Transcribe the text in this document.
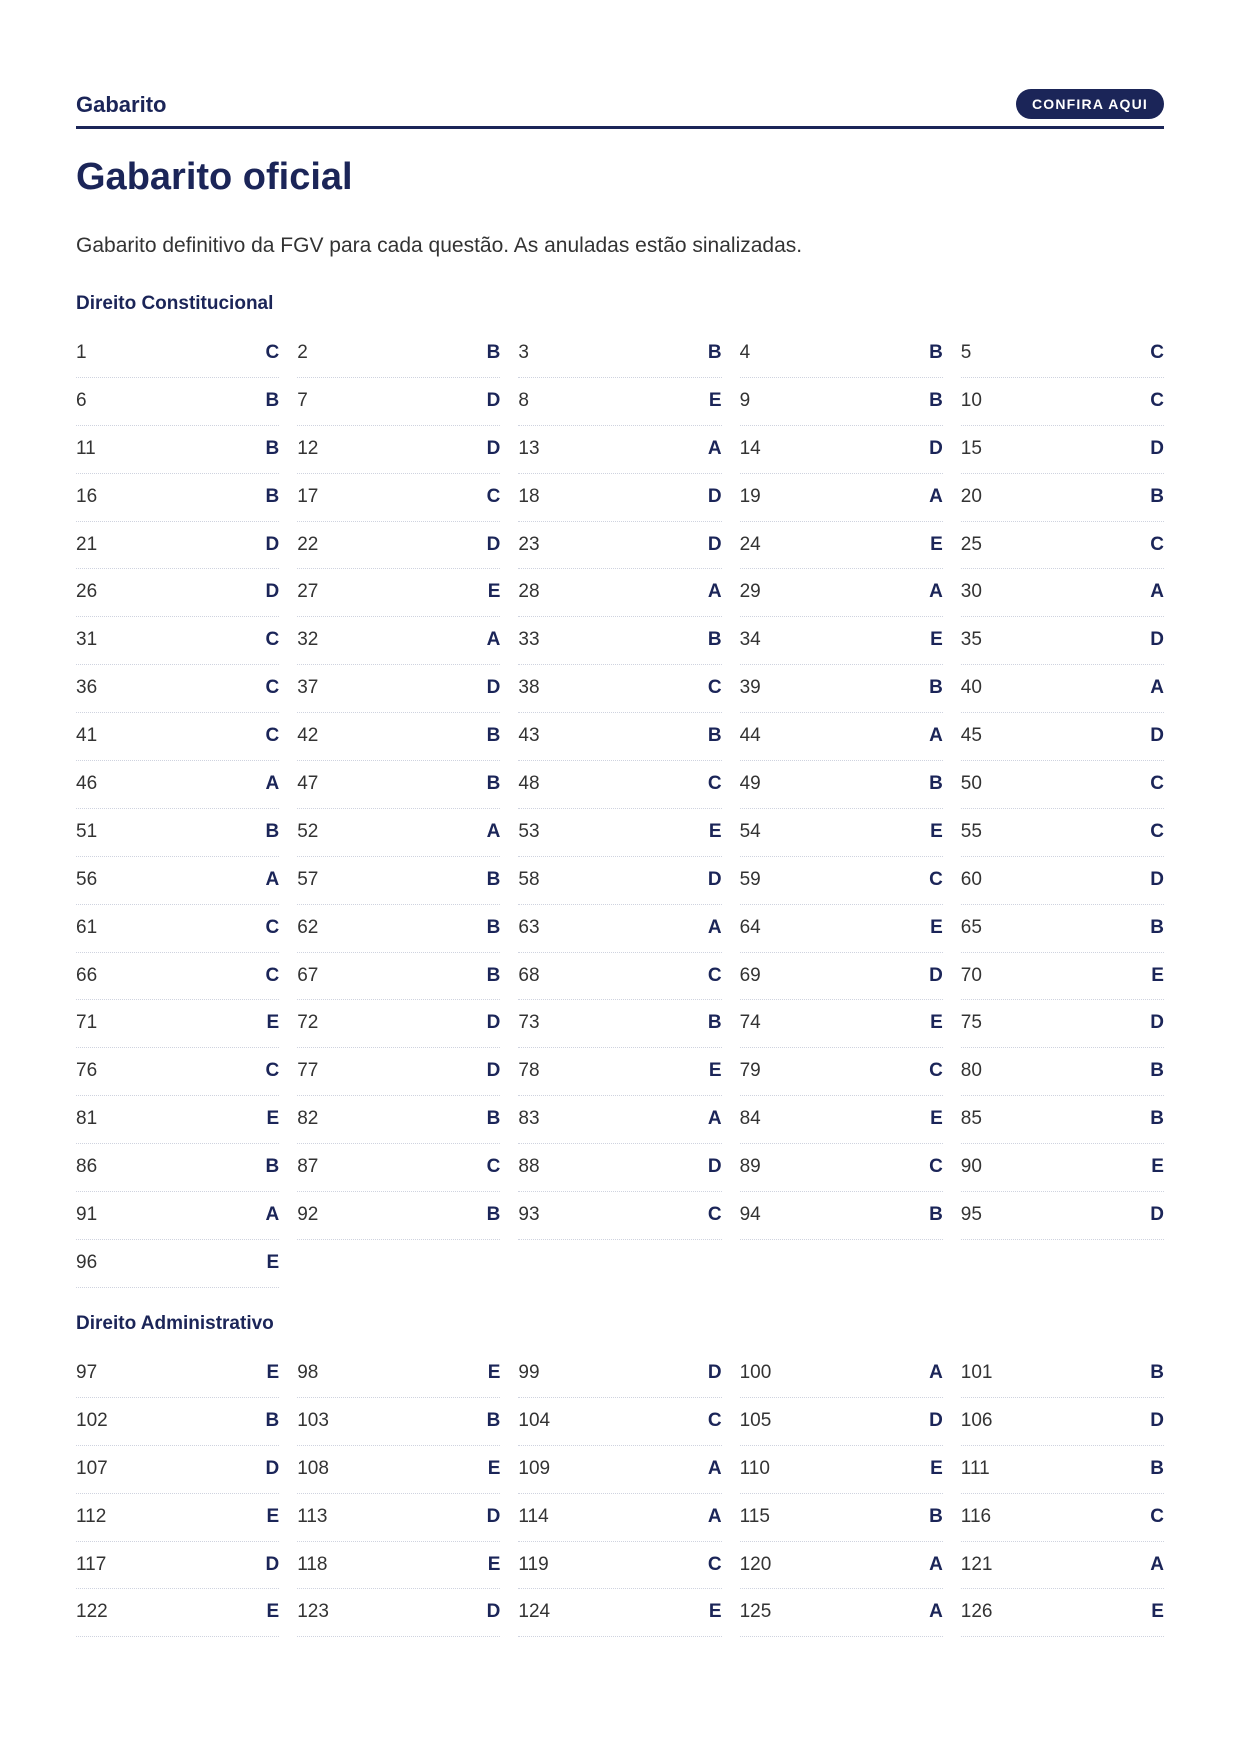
Gabarito	CONFIRA AQUI
Gabarito oficial

Gabarito definitivo da FGV para cada questão. As anuladas estão sinalizadas.

Direito Constitucional
1	C 2	B 3	B 4	B 5	C
6	B 7	D 8	E 9	B 10	C
11	B 12	D 13	A 14	D 15	D
16	B 17	C 18	D 19	A 20	B
21	D 22	D 23	D 24	E 25	C
26	D 27	E 28	A 29	A 30	A
31	C 32	A 33	B 34	E 35	D
36	C 37	D 38	C 39	B 40	A
41	C 42	B 43	B 44	A 45	D
46	A 47	B 48	C 49	B 50	C
51	B 52	A 53	E 54	E 55	C
56	A 57	B 58	D 59	C 60	D
61	C 62	B 63	A 64	E 65	B
66	C 67	B 68	C 69	D 70	E
71	E 72	D 73	B 74	E 75	D
76	C 77	D 78	E 79	C 80	B
81	E 82	B 83	A 84	E 85	B
86	B 87	C 88	D 89	C 90	E
91	A 92	B 93	C 94	B 95	D
96	E
Direito Administrativo
97	E 98	E 99	D 100	A 101	B
102	B 103	B 104	C 105	D 106	D
107	D 108	E 109	A 110	E 111	B
112	E 113	D 114	A 115	B 116	C
117	D 118	E 119	C 120	A 121	A
122	E 123	D 124	E 125	A 126	E
